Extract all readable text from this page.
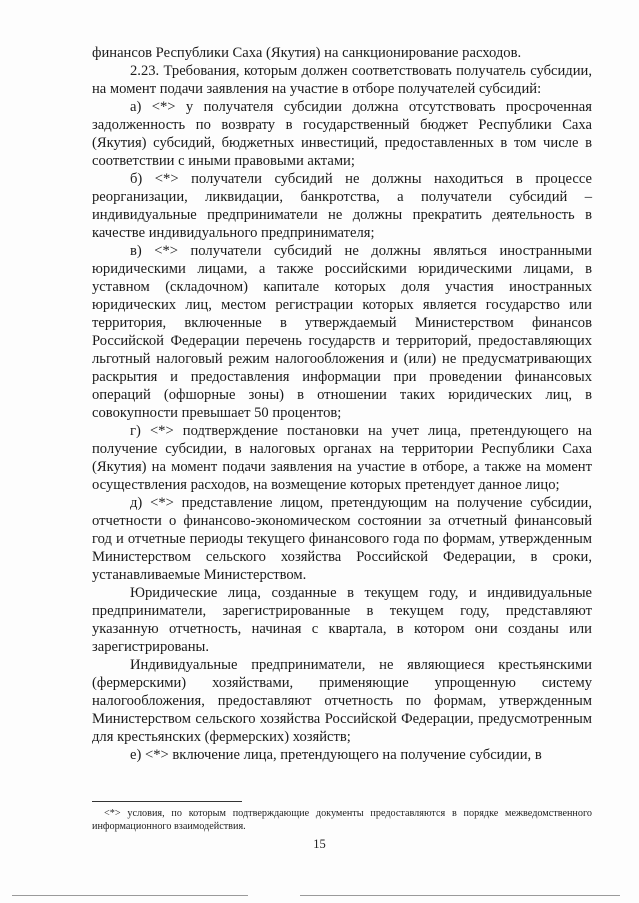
финансов Республики Саха (Якутия) на санкционирование расходов.

2.23. Требования, которым должен соответствовать получатель субсидии, на момент подачи заявления на участие в отборе получателей субсидий:

а) <*> у получателя субсидии должна отсутствовать просроченная задолженность по возврату в государственный бюджет Республики Саха (Якутия) субсидий, бюджетных инвестиций, предоставленных в том числе в соответствии с иными правовыми актами;

б) <*> получатели субсидий не должны находиться в процессе реорганизации, ликвидации, банкротства, а получатели субсидий – индивидуальные предприниматели не должны прекратить деятельность в качестве индивидуального предпринимателя;

в) <*> получатели субсидий не должны являться иностранными юридическими лицами, а также российскими юридическими лицами, в уставном (складочном) капитале которых доля участия иностранных юридических лиц, местом регистрации которых является государство или территория, включенные в утверждаемый Министерством финансов Российской Федерации перечень государств и территорий, предоставляющих льготный налоговый режим налогообложения и (или) не предусматривающих раскрытия и предоставления информации при проведении финансовых операций (офшорные зоны) в отношении таких юридических лиц, в совокупности превышает 50 процентов;

г) <*> подтверждение постановки на учет лица, претендующего на получение субсидии, в налоговых органах на территории Республики Саха (Якутия) на момент подачи заявления на участие в отборе, а также на момент осуществления расходов, на возмещение которых претендует данное лицо;

д) <*> представление лицом, претендующим на получение субсидии, отчетности о финансово-экономическом состоянии за отчетный финансовый год и отчетные периоды текущего финансового года по формам, утвержденным Министерством сельского хозяйства Российской Федерации, в сроки, устанавливаемые Министерством.

Юридические лица, созданные в текущем году, и индивидуальные предприниматели, зарегистрированные в текущем году, представляют указанную отчетность, начиная с квартала, в котором они созданы или зарегистрированы.

Индивидуальные предприниматели, не являющиеся крестьянскими (фермерскими) хозяйствами, применяющие упрощенную систему налогообложения, предоставляют отчетность по формам, утвержденным Министерством сельского хозяйства Российской Федерации, предусмотренным для крестьянских (фермерских) хозяйств;

е) <*> включение лица, претендующего на получение субсидии, в

<*> условия, по которым подтверждающие документы предоставляются в порядке межведомственного информационного взаимодействия.
15
